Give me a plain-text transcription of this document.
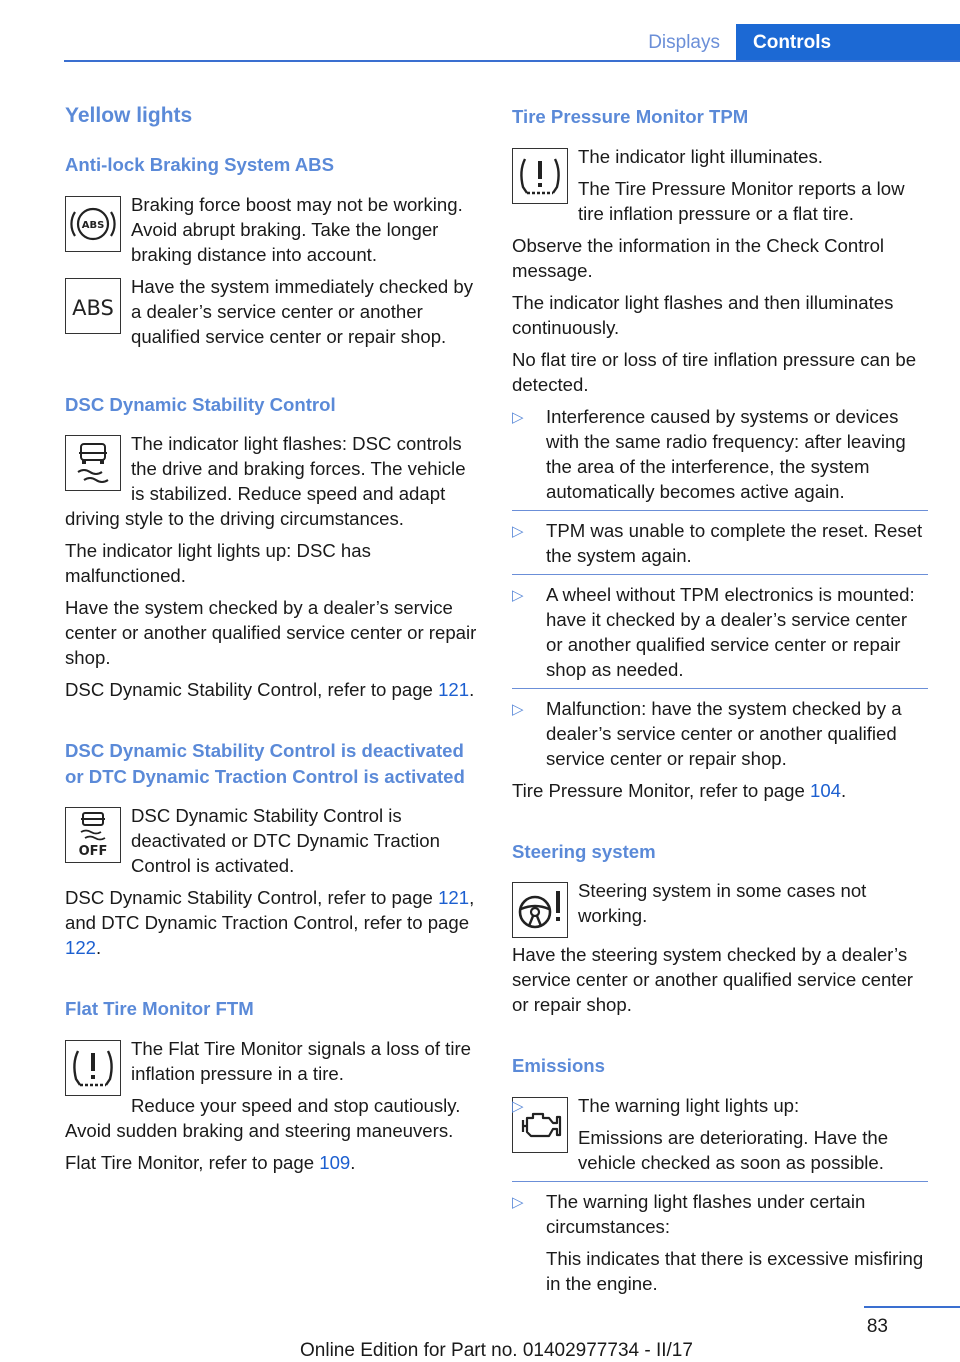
Displays	Controls
Yellow lights
Anti-lock Braking System ABS
ABS

Braking force boost may not be working. Avoid abrupt braking. Take the longer braking distance into account.

ABS

Have the system immediately checked by a dealer’s service center or another qualified service center or repair shop.

DSC Dynamic Stability Control

The indicator light flashes: DSC controls the drive and braking forces. The vehicle is stabilized. Reduce speed and adapt driving style to the driving circumstances.

The indicator light lights up: DSC has malfunctioned.

Have the system checked by a dealer’s service center or another qualified service center or repair shop.

DSC Dynamic Stability Control, refer to page 121.

DSC Dynamic Stability Control is deactivated or DTC Dynamic Traction Control is activated
OFF

DSC Dynamic Stability Control is deactivated or DTC Dynamic Traction Control is activated.

DSC Dynamic Stability Control, refer to page 121, and DTC Dynamic Traction Control, refer to page 122.

Flat Tire Monitor FTM

The Flat Tire Monitor signals a loss of tire inflation pressure in a tire.

Reduce your speed and stop cautiously. Avoid sudden braking and steering maneuvers.

Flat Tire Monitor, refer to page 109.

Tire Pressure Monitor TPM

The indicator light illuminates.

The Tire Pressure Monitor reports a low tire inflation pressure or a flat tire.

Observe the information in the Check Control message.

The indicator light flashes and then illuminates continuously.

No flat tire or loss of tire inflation pressure can be detected.

▷ Interference caused by systems or devices with the same radio frequency: after leaving the area of the interference, the system automatically becomes active again.
▷ TPM was unable to complete the reset. Reset the system again.
▷ A wheel without TPM electronics is mounted: have it checked by a dealer’s service center or another qualified service center or repair shop as needed.
▷ Malfunction: have the system checked by a dealer’s service center or another qualified service center or repair shop.

Tire Pressure Monitor, refer to page 104.

Steering system

Steering system in some cases not working.

Have the steering system checked by a dealer’s service center or another qualified service center or repair shop.

Emissions
▷	The warning light lights up:

Emissions are deteriorating. Have the vehicle checked as soon as possible.
▷ The warning light flashes under certain circumstances:

This indicates that there is excessive misfiring in the engine.
83
Online Edition for Part no. 01402977734 - II/17
